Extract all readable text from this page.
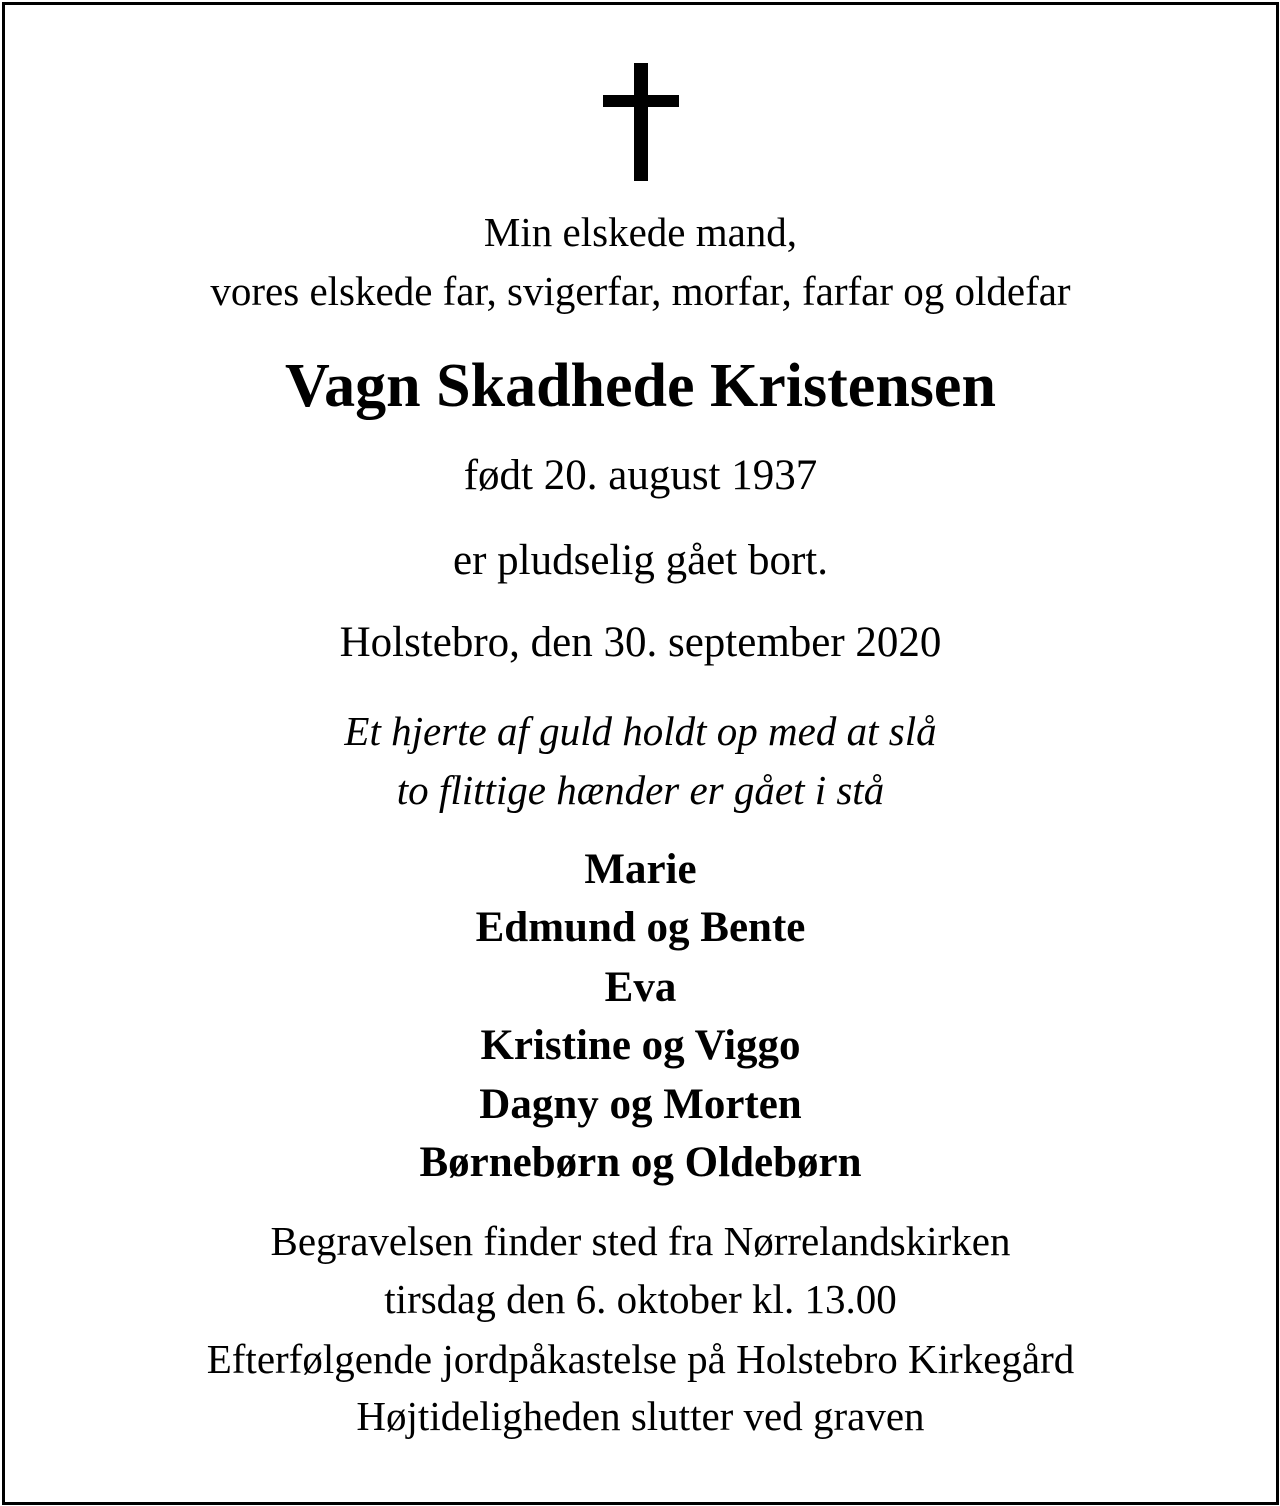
Min elskede mand,
vores elskede far, svigerfar, morfar, farfar og oldefar
Vagn Skadhede Kristensen
født 20. august 1937
er pludselig gået bort.
Holstebro, den 30. september 2020
Et hjerte af guld holdt op med at slå
to flittige hænder er gået i stå
Marie
Edmund og Bente
Eva
Kristine og Viggo
Dagny og Morten
Børnebørn og Oldebørn
Begravelsen finder sted fra Nørrelandskirken
tirsdag den 6. oktober kl. 13.00
Efterfølgende jordpåkastelse på Holstebro Kirkegård
Højtideligheden slutter ved graven
